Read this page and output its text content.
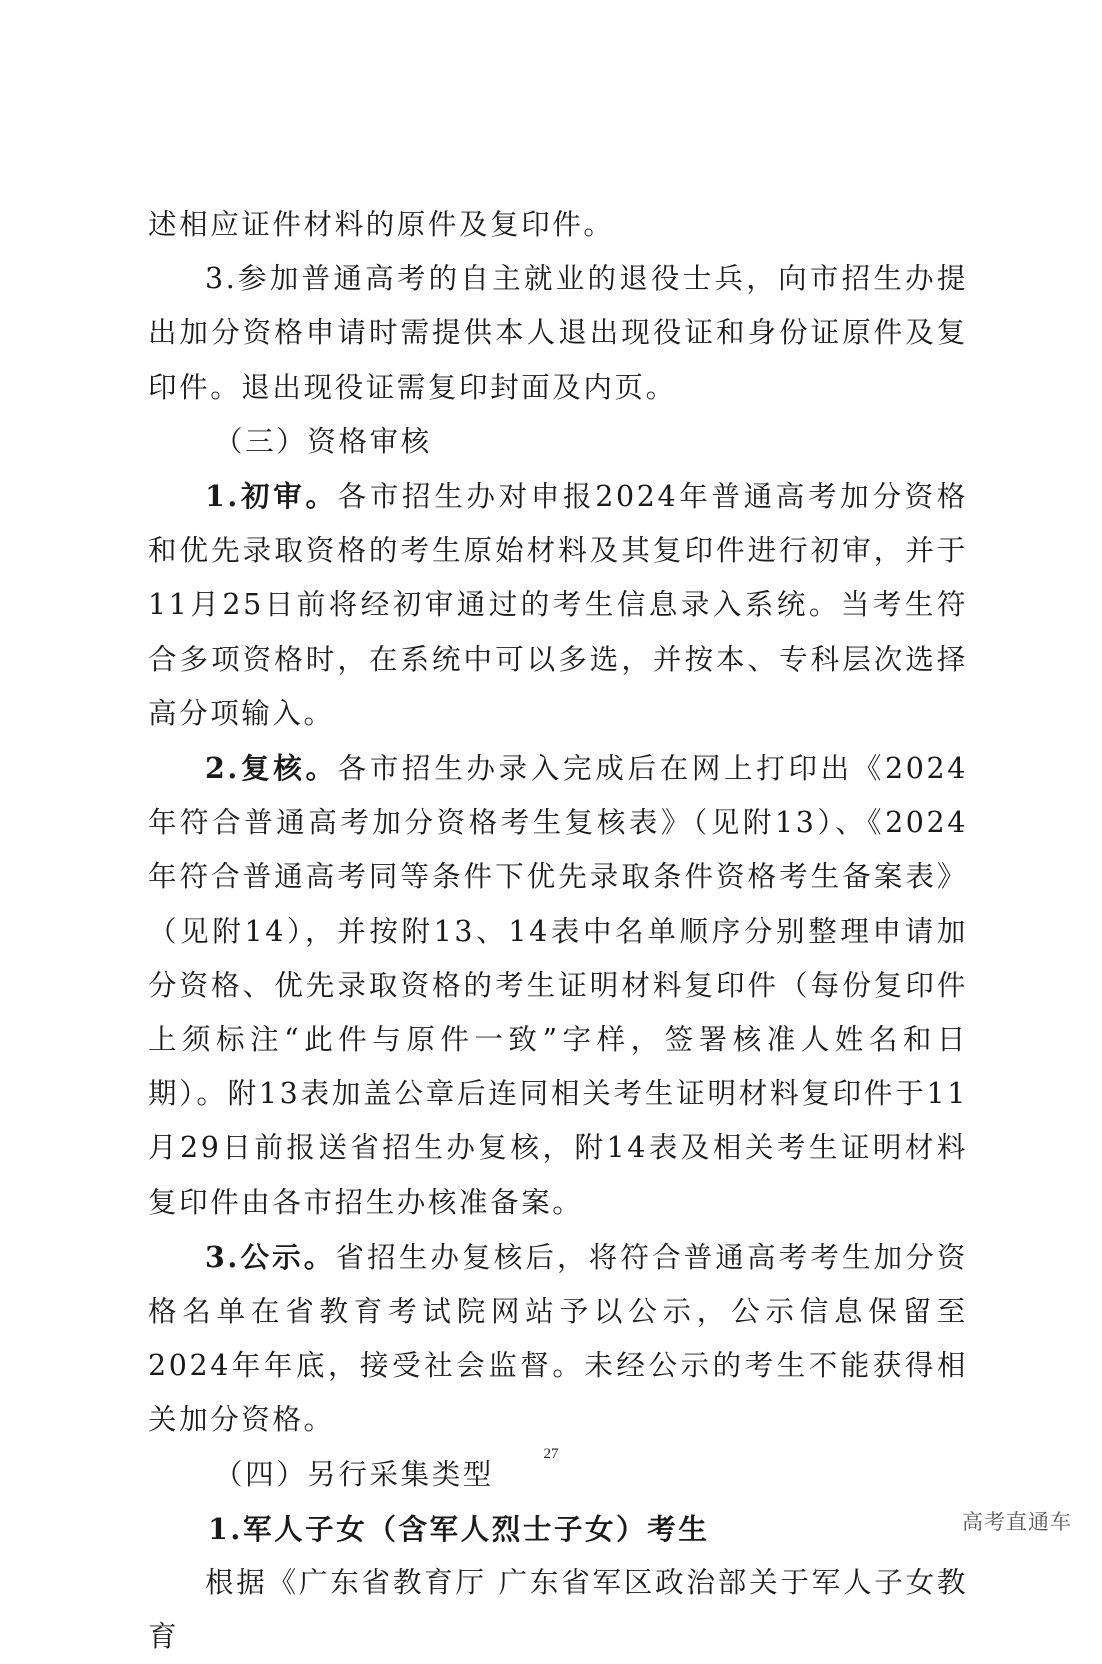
述相应证件材料的原件及复印件。

3.参加普通高考的自主就业的退役士兵，向市招生办提出加分资格申请时需提供本人退出现役证和身份证原件及复印件。退出现役证需复印封面及内页。

（三）资格审核

1.初审。各市招生办对申报2024年普通高考加分资格和优先录取资格的考生原始材料及其复印件进行初审，并于11月25日前将经初审通过的考生信息录入系统。当考生符合多项资格时，在系统中可以多选，并按本、专科层次选择高分项输入。

2.复核。各市招生办录入完成后在网上打印出《2024年符合普通高考加分资格考生复核表》（见附13）、《2024年符合普通高考同等条件下优先录取条件资格考生备案表》（见附14），并按附13、14表中名单顺序分别整理申请加分资格、优先录取资格的考生证明材料复印件（每份复印件上须标注“此件与原件一致”字样，签署核准人姓名和日期）。附13表加盖公章后连同相关考生证明材料复印件于11月29日前报送省招生办复核，附14表及相关考生证明材料复印件由各市招生办核准备案。

3.公示。省招生办复核后，将符合普通高考考生加分资格名单在省教育考试院网站予以公示，公示信息保留至2024年年底，接受社会监督。未经公示的考生不能获得相关加分资格。

（四）另行采集类型

1.军人子女（含军人烈士子女）考生

根据《广东省教育厅 广东省军区政治部关于军人子女教育

27
高考直通车
